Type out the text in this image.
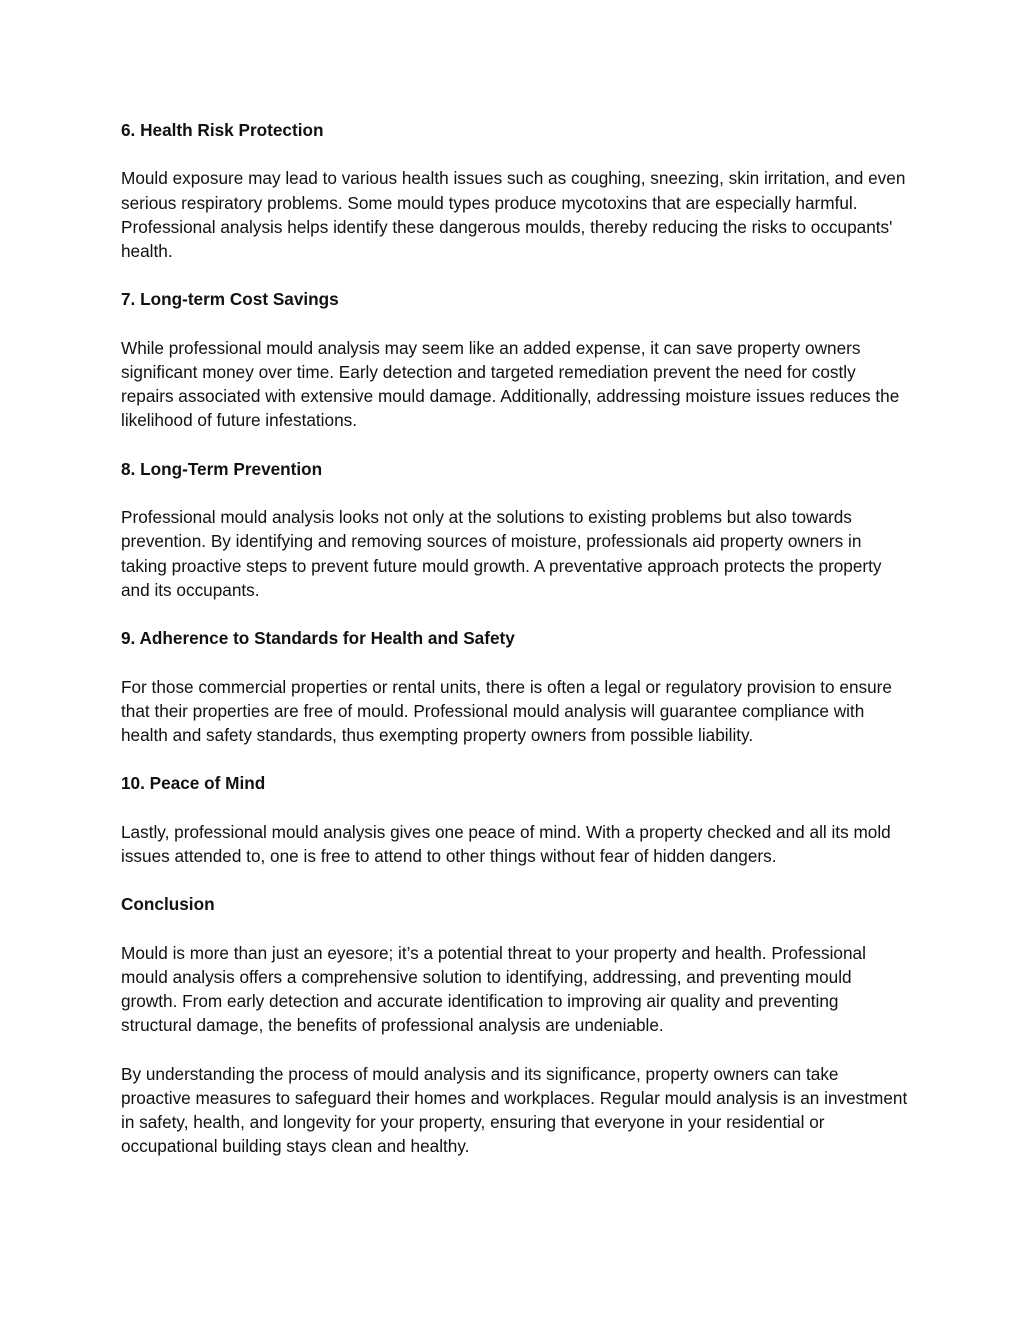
6. Health Risk Protection
Mould exposure may lead to various health issues such as coughing, sneezing, skin irritation, and even serious respiratory problems. Some mould types produce mycotoxins that are especially harmful. Professional analysis helps identify these dangerous moulds, thereby reducing the risks to occupants' health.
7. Long-term Cost Savings
While professional mould analysis may seem like an added expense, it can save property owners significant money over time. Early detection and targeted remediation prevent the need for costly repairs associated with extensive mould damage. Additionally, addressing moisture issues reduces the likelihood of future infestations.
8. Long-Term Prevention
Professional mould analysis looks not only at the solutions to existing problems but also towards prevention. By identifying and removing sources of moisture, professionals aid property owners in taking proactive steps to prevent future mould growth. A preventative approach protects the property and its occupants.
9. Adherence to Standards for Health and Safety
For those commercial properties or rental units, there is often a legal or regulatory provision to ensure that their properties are free of mould. Professional mould analysis will guarantee compliance with health and safety standards, thus exempting property owners from possible liability.
10. Peace of Mind
Lastly, professional mould analysis gives one peace of mind. With a property checked and all its mold issues attended to, one is free to attend to other things without fear of hidden dangers.
Conclusion
Mould is more than just an eyesore; it’s a potential threat to your property and health. Professional mould analysis offers a comprehensive solution to identifying, addressing, and preventing mould growth. From early detection and accurate identification to improving air quality and preventing structural damage, the benefits of professional analysis are undeniable.
By understanding the process of mould analysis and its significance, property owners can take proactive measures to safeguard their homes and workplaces. Regular mould analysis is an investment in safety, health, and longevity for your property, ensuring that everyone in your residential or occupational building stays clean and healthy.
